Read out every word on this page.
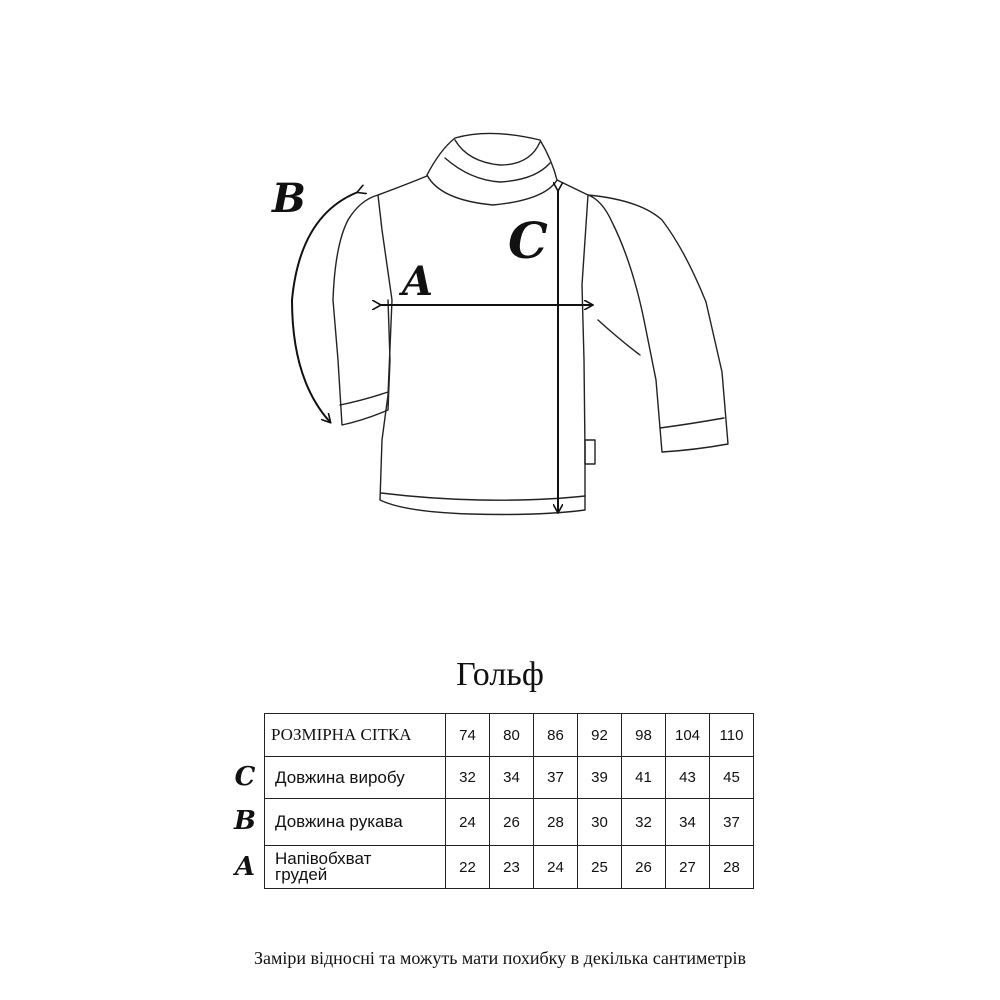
A
B
C
Гольф
C
B
A
РОЗМІРНА СІТКА	74	80	86	92	98	104	110
Довжина виробу	32	34	37	39	41	43	45
Довжина рукава	24	26	28	30	32	34	37

Напівобхват
грудей	22	23	24	25	26	27	28
Заміри відносні та можуть мати похибку в декілька сантиметрів
